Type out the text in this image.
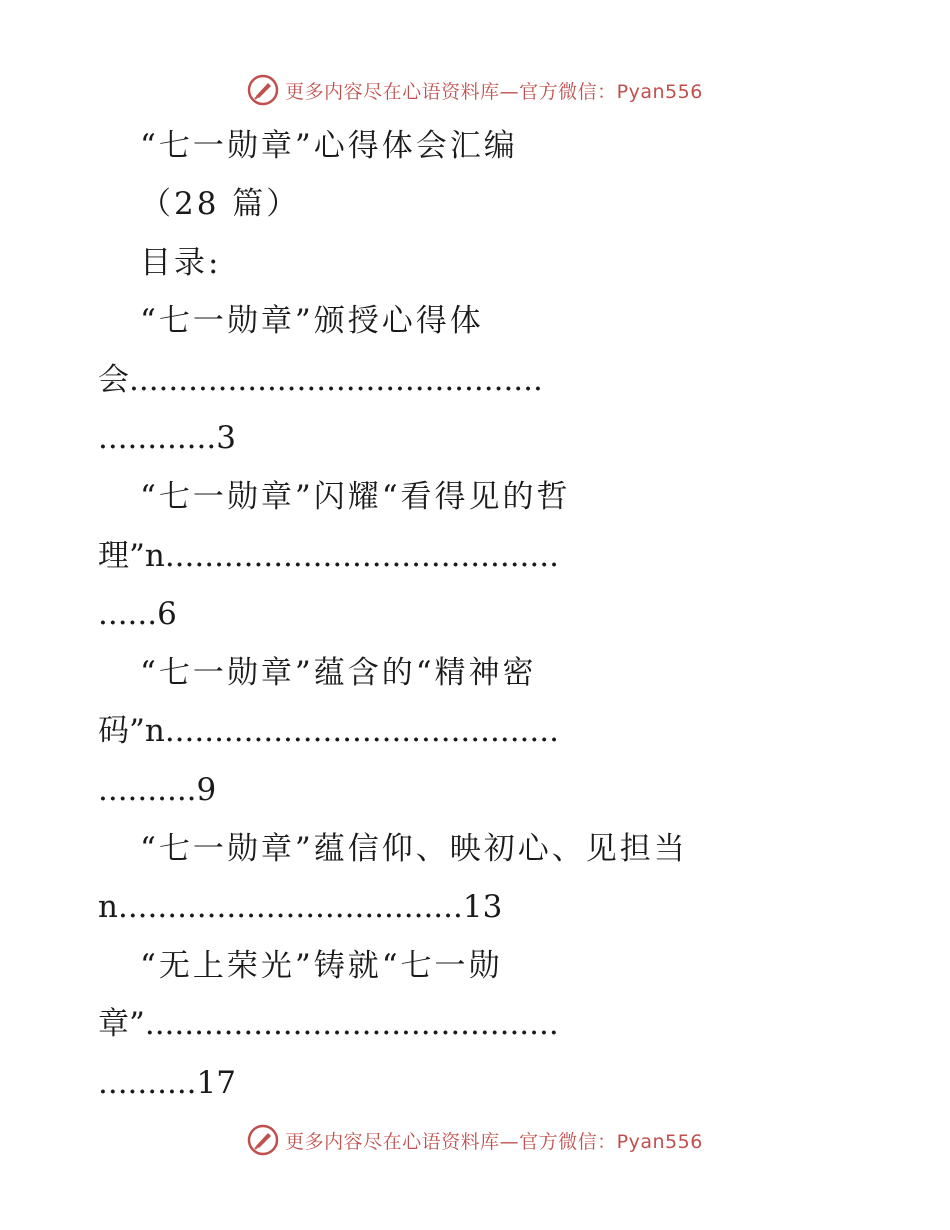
更多内容尽在心语资料库—官方微信：Pyan556
“七一勋章”心得体会汇编
（28 篇）
目录:
“七一勋章”颁授心得体
会..........................................
............3
“七一勋章”闪耀“看得见的哲
理”n........................................
......6
“七一勋章”蕴含的“精神密
码”n........................................
..........9
“七一勋章”蕴信仰、映初心、见担当
n...................................13
“无上荣光”铸就“七一勋
章”..........................................
..........17
更多内容尽在心语资料库—官方微信：Pyan556
